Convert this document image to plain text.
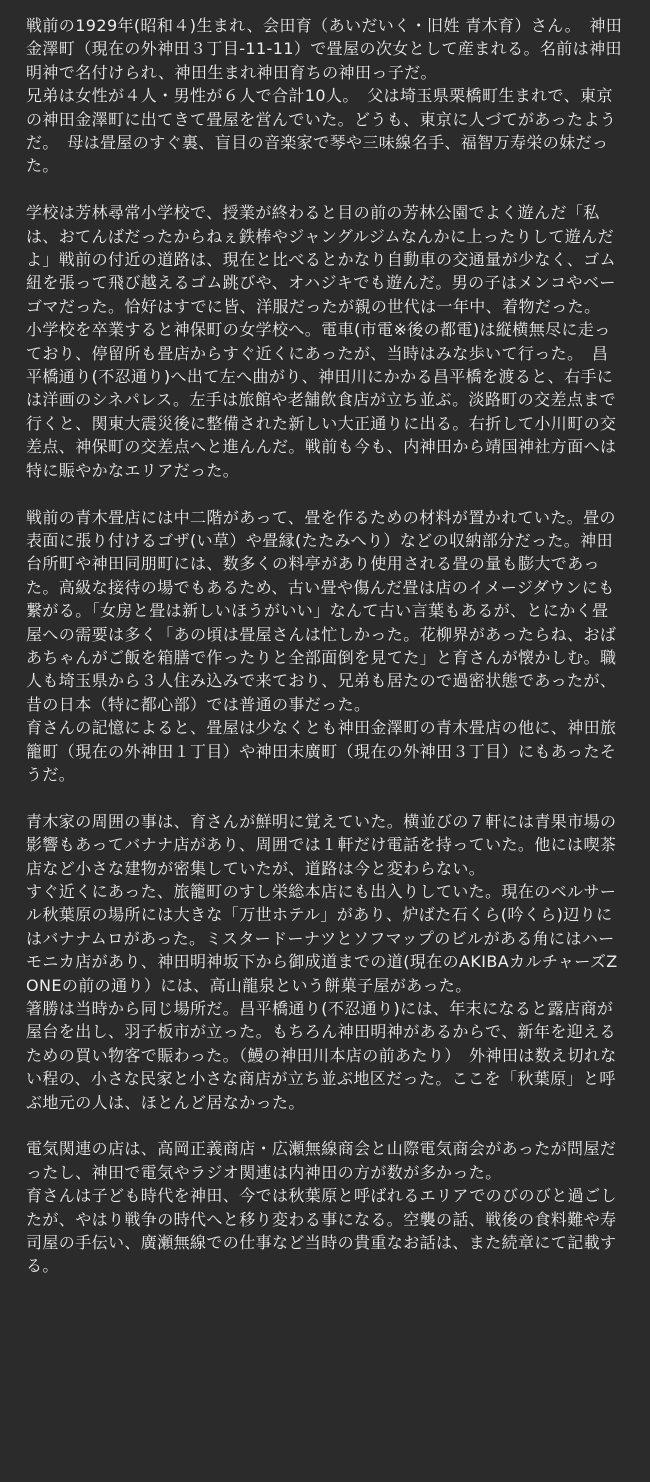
戦前の1929年(昭和４)生まれ、会田育（あいだいく・旧姓 青木育）さん。　神田金澤町（現在の外神田３丁目-11-11）で畳屋の次女として産まれる。名前は神田明神で名付けられ、神田生まれ神田育ちの神田っ子だ。

兄弟は女性が４人・男性が６人で合計10人。　父は埼玉県栗橋町生まれで、東京の神田金澤町に出てきて畳屋を営んでいた。どうも、東京に人づてがあったようだ。　母は畳屋のすぐ裏、盲目の音楽家で琴や三味線名手、福智万寿栄の妹だった。

学校は芳林尋常小学校で、授業が終わると目の前の芳林公園でよく遊んだ「私は、おてんばだったからねぇ鉄棒やジャングルジムなんかに上ったりして遊んだよ」戦前の付近の道路は、現在と比べるとかなり自動車の交通量が少なく、ゴム紐を張って飛び越えるゴム跳びや、オハジキでも遊んだ。男の子はメンコやベーゴマだった。恰好はすでに皆、洋服だったが親の世代は一年中、着物だった。

小学校を卒業すると神保町の女学校へ。電車(市電※後の都電)は縦横無尽に走っており、停留所も畳店からすぐ近くにあったが、当時はみな歩いて行った。　昌平橋通り(不忍通り)へ出て左へ曲がり、神田川にかかる昌平橋を渡ると、右手には洋画のシネパレス。左手は旅館や老舗飲食店が立ち並ぶ。淡路町の交差点まで行くと、関東大震災後に整備された新しい大正通りに出る。右折して小川町の交差点、神保町の交差点へと進んんだ。戦前も今も、内神田から靖国神社方面へは特に賑やかなエリアだった。

戦前の青木畳店には中二階があって、畳を作るための材料が置かれていた。畳の表面に張り付けるゴザ(い草）や畳縁(たたみへり）などの収納部分だった。神田台所町や神田同朋町には、数多くの料亭があり使用される畳の量も膨大であった。高級な接待の場でもあるため、古い畳や傷んだ畳は店のイメージダウンにも繋がる。「女房と畳は新しいほうがいい」なんて古い言葉もあるが、とにかく畳屋への需要は多く「あの頃は畳屋さんは忙しかった。花柳界があったらね、おばあちゃんがご飯を箱膳で作ったりと全部面倒を見てた」と育さんが懐かしむ。職人も埼玉県から３人住み込みで来ており、兄弟も居たので過密状態であったが、昔の日本（特に都心部）では普通の事だった。

育さんの記憶によると、畳屋は少なくとも神田金澤町の青木畳店の他に、神田旅籠町（現在の外神田１丁目）や神田末廣町（現在の外神田３丁目）にもあったそうだ。

青木家の周囲の事は、育さんが鮮明に覚えていた。横並びの７軒には青果市場の影響もあってバナナ店があり、周囲では１軒だけ電話を持っていた。他には喫茶店など小さな建物が密集していたが、道路は今と変わらない。

すぐ近くにあった、旅籠町のすし栄総本店にも出入りしていた。現在のベルサール秋葉原の場所には大きな「万世ホテル」があり、炉ばた石くら(吟くら)辺りにはバナナムロがあった。ミスタードーナツとソフマップのビルがある角にはハーモニカ店があり、神田明神坂下から御成道までの道(現在のAKIBAカルチャーズZONEの前の通り）には、高山龍泉という餅菓子屋があった。

箸勝は当時から同じ場所だ。昌平橋通り(不忍通り)には、年末になると露店商が屋台を出し、羽子板市が立った。もちろん神田明神があるからで、新年を迎えるための買い物客で賑わった。（鰻の神田川本店の前あたり）　外神田は数え切れない程の、小さな民家と小さな商店が立ち並ぶ地区だった。ここを「秋葉原」と呼ぶ地元の人は、ほとんど居なかった。

電気関連の店は、高岡正義商店・広瀬無線商会と山際電気商会があったが問屋だったし、神田で電気やラジオ関連は内神田の方が数が多かった。

育さんは子ども時代を神田、今では秋葉原と呼ばれるエリアでのびのびと過ごしたが、やはり戦争の時代へと移り変わる事になる。空襲の話、戦後の食料難や寿司屋の手伝い、廣瀬無線での仕事など当時の貴重なお話は、また続章にて記載する。
